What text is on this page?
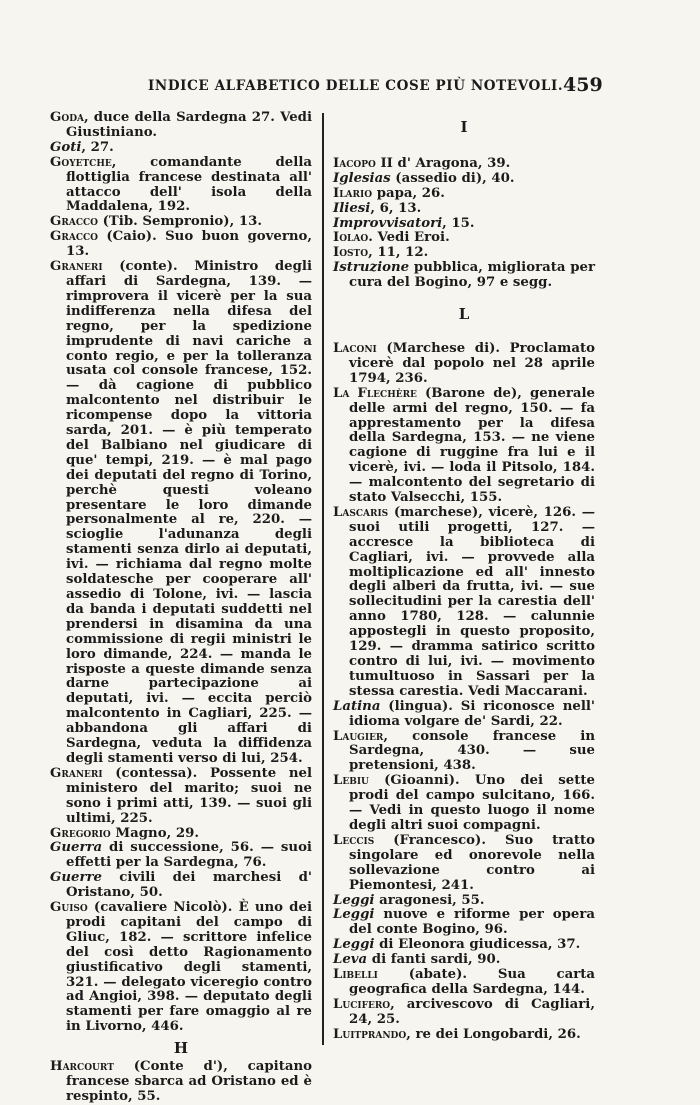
INDICE ALFABETICO DELLE COSE PIÙ NOTEVOLI. 459
Goda, duce della Sardegna 27. Vedi Giustiniano.
Goti, 27.
Goyetche, comandante della flottiglia francese destinata all' attacco dell' isola della Maddalena, 192.
Gracco (Tib. Sempronio), 13.
Gracco (Caio). Suo buon governo, 13.
Graneri (conte). Ministro degli affari di Sardegna, 139. — rimprovera il vicerè per la sua indifferenza nella difesa del regno, per la spedizione imprudente di navi cariche a conto regio, e per la tolleranza usata col console francese, 152. — dà cagione di pubblico malcontento nel distribuir le ricompense dopo la vittoria sarda, 201. — è più temperato del Balbiano nel giudicare di que' tempi, 219. — è mal pago dei deputati del regno di Torino, perchè questi voleano presentare le loro dimande personalmente al re, 220. — scioglie l'adunanza degli stamenti senza dirlo ai deputati, ivi. — richiama dal regno molte soldatesche per cooperare all' assedio di Tolone, ivi. — lascia da banda i deputati suddetti nel prendersi in disamina da una commissione di regii ministri le loro dimande, 224. — manda le risposte a queste dimande senza darne partecipazione ai deputati, ivi. — eccita perciò malcontento in Cagliari, 225. — abbandona gli affari di Sardegna, veduta la diffidenza degli stamenti verso di lui, 254.
Graneri (contessa). Possente nel ministero del marito; suoi ne sono i primi atti, 139. — suoi gli ultimi, 225.
Gregorio Magno, 29.
Guerra di successione, 56. — suoi effetti per la Sardegna, 76.
Guerre civili dei marchesi d' Oristano, 50.
Guiso (cavaliere Nicolò). È uno dei prodi capitani del campo di Gliuc, 182. — scrittore infelice del così detto Ragionamento giustificativo degli stamenti, 321. — delegato viceregio contro ad Angioi, 398. — deputato degli stamenti per fare omaggio al re in Livorno, 446.
H
Harcourt (Conte d'), capitano francese sbarca ad Oristano ed è respinto, 55.
I
Iacopo II d' Aragona, 39.
Iglesias (assedio di), 40.
Ilario papa, 26.
Iliesi, 6, 13.
Improvvisatori, 15.
Iolao. Vedi Eroi.
Iosto, 11, 12.
Istruzione pubblica, migliorata per cura del Bogino, 97 e segg.
L
Laconi (Marchese di). Proclamato vicerè dal popolo nel 28 aprile 1794, 236.
La Flechère (Barone de), generale delle armi del regno, 150. — fa apprestamento per la difesa della Sardegna, 153. — ne viene cagione di ruggine fra lui e il vicerè, ivi. — loda il Pitsolo, 184. — malcontento del segretario di stato Valsecchi, 155.
Lascaris (marchese), vicerè, 126. — suoi utili progetti, 127. — accresce la biblioteca di Cagliari, ivi. — provvede alla moltiplicazione ed all' innesto degli alberi da frutta, ivi. — sue sollecitudini per la carestia dell' anno 1780, 128. — calunnie appostegli in questo proposito, 129. — dramma satirico scritto contro di lui, ivi. — movimento tumultuoso in Sassari per la stessa carestia. Vedi Maccarani.
Latina (lingua). Si riconosce nell' idioma volgare de' Sardi, 22.
Laugier, console francese in Sardegna, 430. — sue pretensioni, 438.
Lebiu (Gioanni). Uno dei sette prodi del campo sulcitano, 166. — Vedi in questo luogo il nome degli altri suoi compagni.
Leccis (Francesco). Suo tratto singolare ed onorevole nella sollevazione contro ai Piemontesi, 241.
Leggi aragonesi, 55.
Leggi nuove e riforme per opera del conte Bogino, 96.
Leggi di Eleonora giudicessa, 37.
Leva di fanti sardi, 90.
Libelli (abate). Sua carta geografica della Sardegna, 144.
Lucifero, arcivescovo di Cagliari, 24, 25.
Luitprando, re dei Longobardi, 26.
